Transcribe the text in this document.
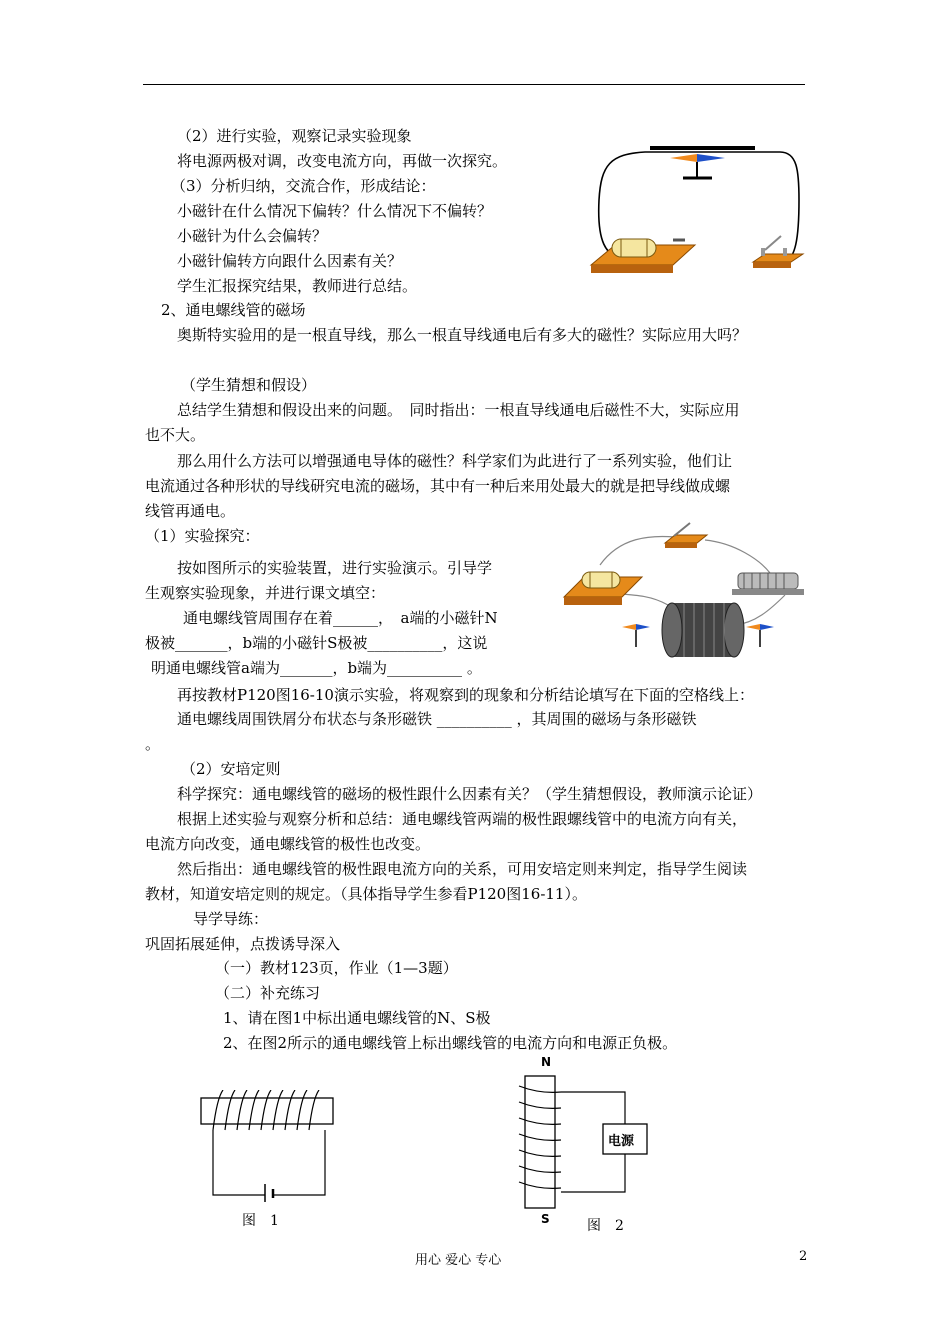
（2）进行实验，观察记录实验现象
将电源两极对调，改变电流方向，再做一次探究。
（3）分析归纳，交流合作，形成结论：
小磁针在什么情况下偏转？什么情况下不偏转？
小磁针为什么会偏转？
小磁针偏转方向跟什么因素有关？
学生汇报探究结果，教师进行总结。
2、通电螺线管的磁场
奥斯特实验用的是一根直导线，那么一根直导线通电后有多大的磁性？实际应用大吗？
（学生猜想和假设）
总结学生猜想和假设出来的问题。　同时指出：一根直导线通电后磁性不大，实际应用
也不大。
那么用什么方法可以增强通电导体的磁性？科学家们为此进行了一系列实验，他们让
电流通过各种形状的导线研究电流的磁场，其中有一种后来用处最大的就是把导线做成螺
线管再通电。
（1）实验探究：
按如图所示的实验装置，进行实验演示。引导学
生观察实验现象，并进行课文填空：
通电螺线管周围存在着______，　a端的小磁针N
极被_______，b端的小磁针S极被__________，这说
明通电螺线管a端为_______，b端为__________ 。
再按教材P120图16-10演示实验，将观察到的现象和分析结论填写在下面的空格线上：
通电螺线周围铁屑分布状态与条形磁铁 __________ ，其周围的磁场与条形磁铁
。
（2）安培定则
科学探究：通电螺线管的磁场的极性跟什么因素有关？（学生猜想假设，教师演示论证）
根据上述实验与观察分析和总结：通电螺线管两端的极性跟螺线管中的电流方向有关，
电流方向改变，通电螺线管的极性也改变。
然后指出：通电螺线管的极性跟电流方向的关系，可用安培定则来判定，指导学生阅读
教材，知道安培定则的规定。（具体指导学生参看P120图16-11）。
导学导练：
巩固拓展延伸，点拨诱导深入
（一）教材123页，作业（1—3题）
（二）补充练习
1、请在图1中标出通电螺线管的N、S极
2、在图2所示的通电螺线管上标出螺线管的电流方向和电源正负极。
图　1
N
S
电源
图　2
用心 爱心 专心	2
